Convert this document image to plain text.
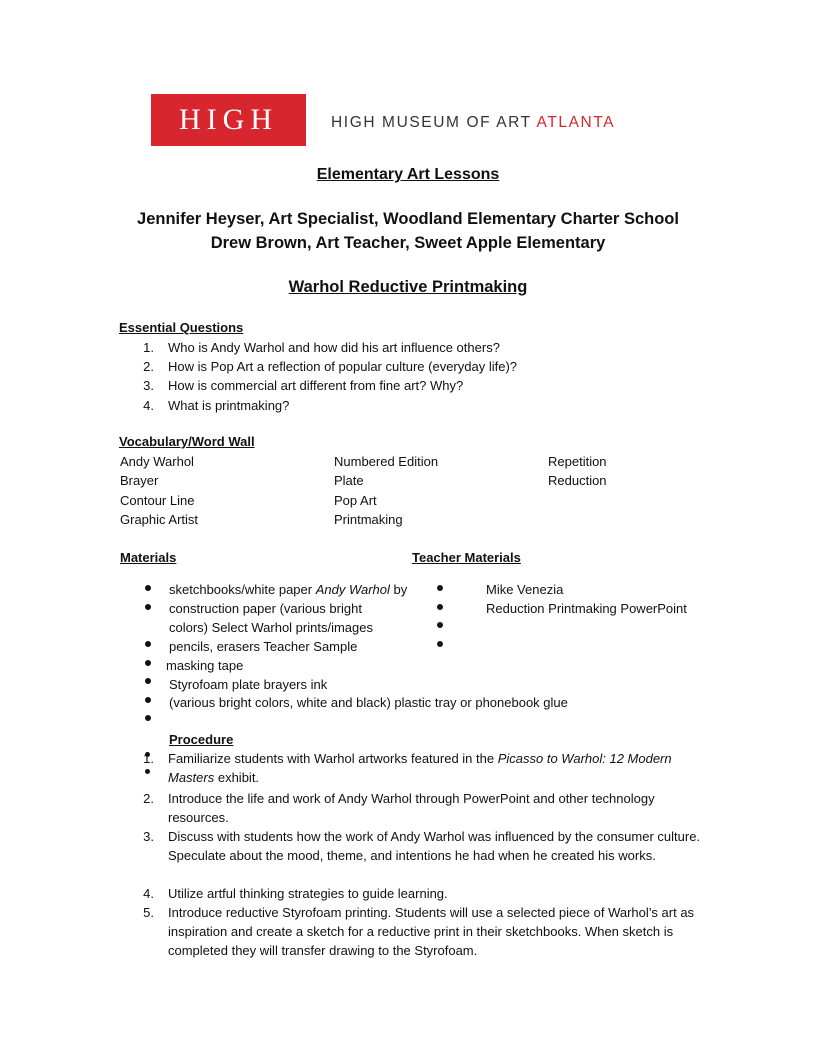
HIGH	HIGH MUSEUM OF ART ATLANTA
Elementary Art Lessons
Jennifer Heyser, Art Specialist, Woodland Elementary Charter School
Drew Brown, Art Teacher, Sweet Apple Elementary
Warhol Reductive Printmaking
Essential Questions
1. Who is Andy Warhol and how did his art influence others?
2. How is Pop Art a reflection of popular culture (everyday life)?
3. How is commercial art different from fine art? Why?
4. What is printmaking?
Vocabulary/Word Wall
Andy Warhol
Brayer
Contour Line
Graphic Artist
Numbered Edition
Plate
Pop Art
Printmaking
Repetition
Reduction
Materials	Teacher Materials
sketchbooks/white paper Andy Warhol by
construction paper (various bright
colors) Select Warhol prints/images
pencils, erasers Teacher Sample
masking tape
Styrofoam plate brayers ink
(various bright colors, white and black) plastic tray or phonebook glue
Mike Venezia
Reduction Printmaking PowerPoint
Procedure
1. Familiarize students with Warhol artworks featured in the Picasso to Warhol: 12 Modern
Masters exhibit.
2. Introduce the life and work of Andy Warhol through PowerPoint and other technology resources.
3. Discuss with students how the work of Andy Warhol was influenced by the consumer culture. Speculate about the mood, theme, and intentions he had when he created his works.
4. Utilize artful thinking strategies to guide learning.
5. Introduce reductive Styrofoam printing. Students will use a selected piece of Warhol’s art as inspiration and create a sketch for a reductive print in their sketchbooks. When sketch is completed they will transfer drawing to the Styrofoam.
